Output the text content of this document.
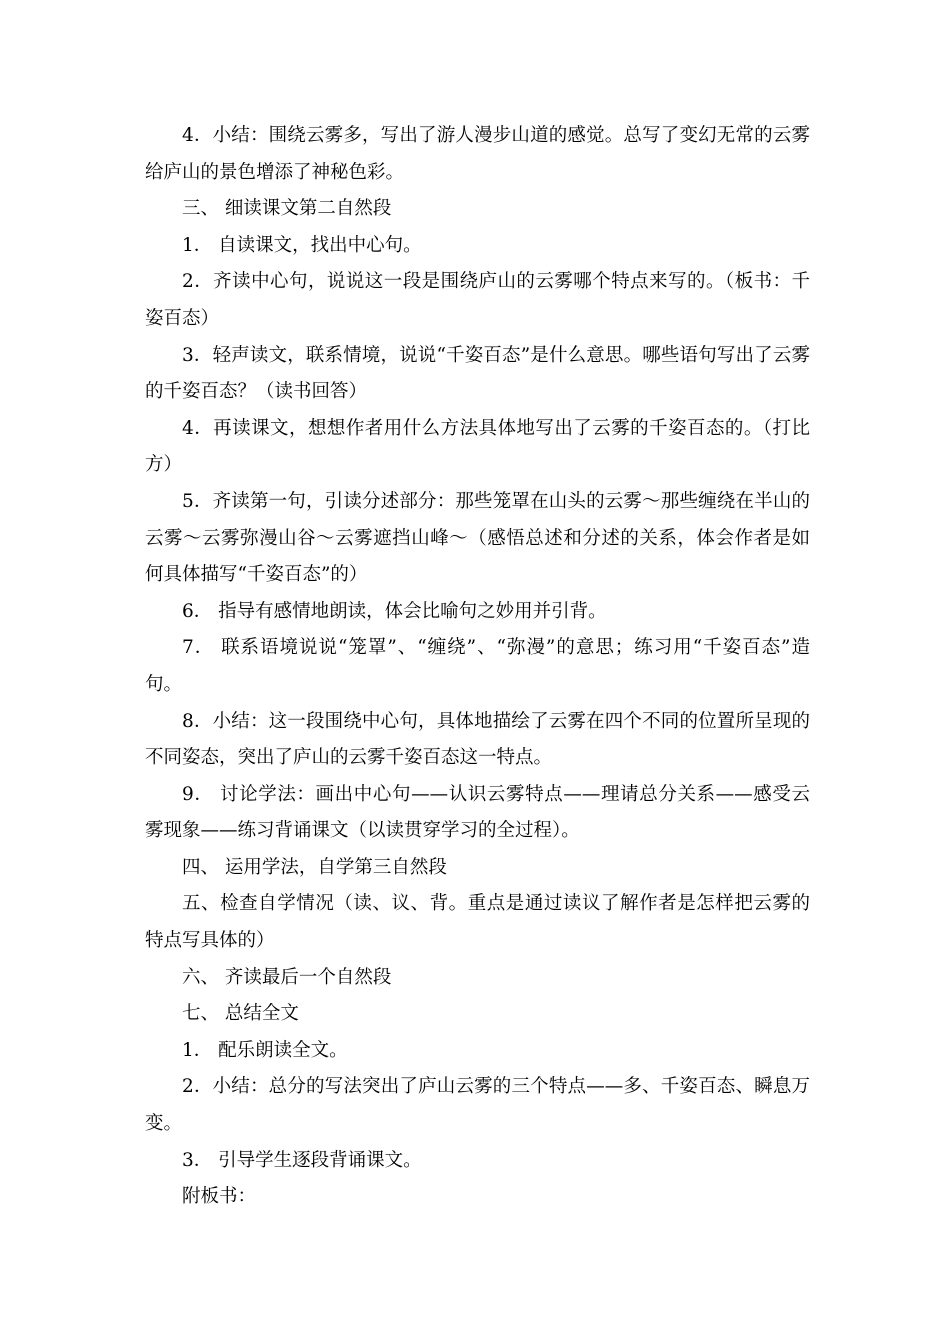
4．小结：围绕云雾多，写出了游人漫步山道的感觉。总写了变幻无常的云雾给庐山的景色增添了神秘色彩。

三、 细读课文第二自然段

1． 自读课文，找出中心句。

2．齐读中心句，说说这一段是围绕庐山的云雾哪个特点来写的。（板书：千姿百态）

3．轻声读文，联系情境，说说“千姿百态”是什么意思。哪些语句写出了云雾的千姿百态？（读书回答）

4．再读课文，想想作者用什么方法具体地写出了云雾的千姿百态的。（打比方）

5．齐读第一句，引读分述部分：那些笼罩在山头的云雾～那些缠绕在半山的云雾～云雾弥漫山谷～云雾遮挡山峰～（感悟总述和分述的关系，体会作者是如何具体描写“千姿百态”的）

6． 指导有感情地朗读，体会比喻句之妙用并引背。

7． 联系语境说说“笼罩”、“缠绕”、“弥漫”的意思；练习用“千姿百态”造句。

8．小结：这一段围绕中心句，具体地描绘了云雾在四个不同的位置所呈现的不同姿态，突出了庐山的云雾千姿百态这一特点。

9． 讨论学法：画出中心句——认识云雾特点——理请总分关系——感受云雾现象——练习背诵课文（以读贯穿学习的全过程）。

四、 运用学法，自学第三自然段

五、检查自学情况（读、议、背。重点是通过读议了解作者是怎样把云雾的特点写具体的）

六、 齐读最后一个自然段

七、 总结全文

1． 配乐朗读全文。

2．小结：总分的写法突出了庐山云雾的三个特点——多、千姿百态、瞬息万变。

3． 引导学生逐段背诵课文。

附板书：
